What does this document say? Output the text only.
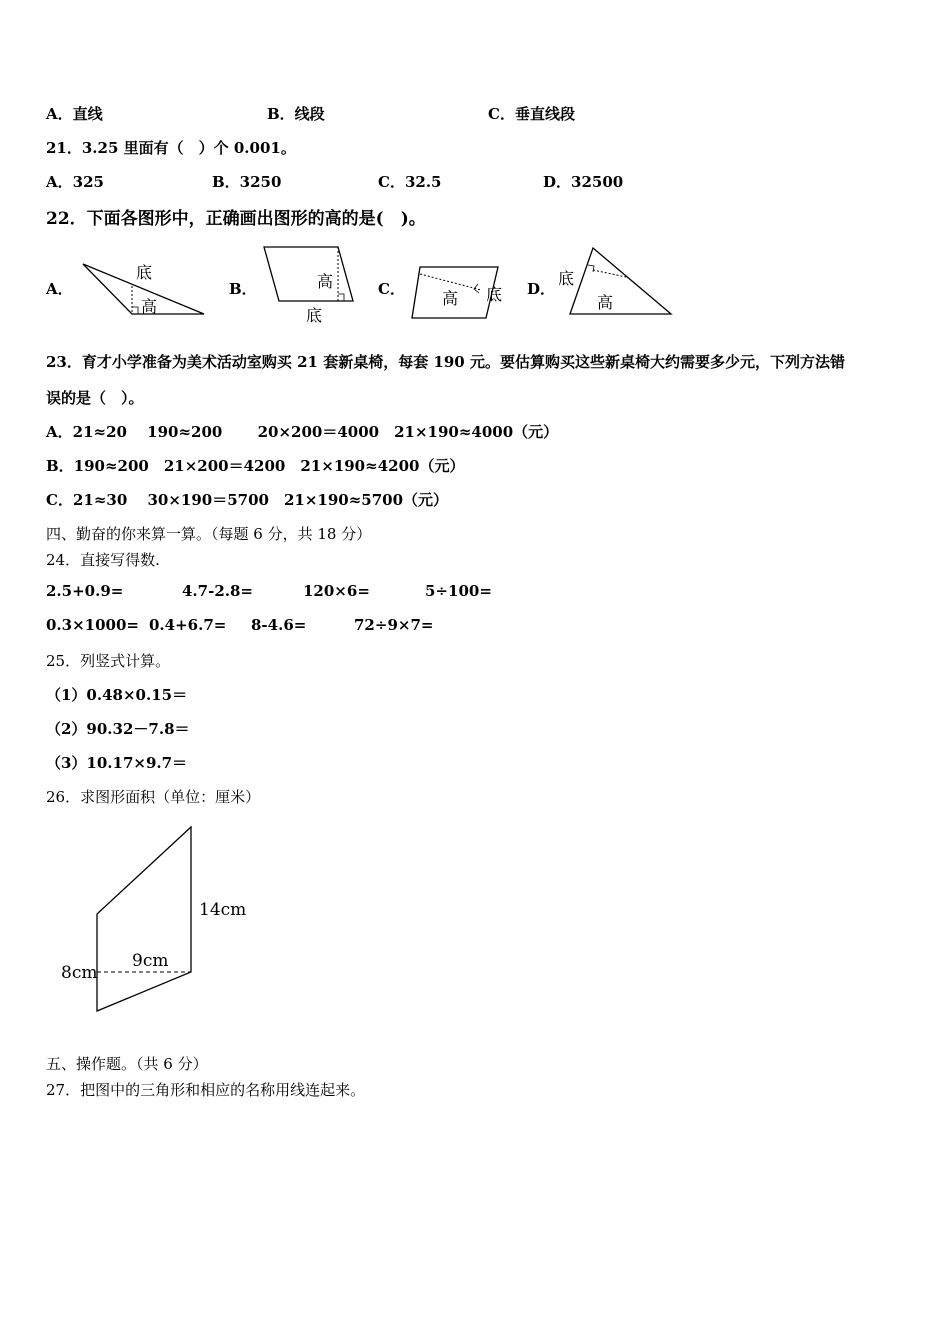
A．直线	B．线段	C．垂直线段
21．3.25 里面有（　）个 0.001。
A．325	B．3250	C．32.5	D．32500
22．下面各图形中，正确画出图形的高的是(　)。
A．
底
高
B．	高
底
C． 高 底 D．
底
高
23．育才小学准备为美术活动室购买 21 套新桌椅，每套 190 元。要估算购买这些新桌椅大约需要多少元，下列方法错
误的是（　）。
A．21≈20　 190≈200　　 20×200＝4000　21×190≈4000（元）
B．190≈200　21×200＝4200　21×190≈4200（元）
C．21≈30　 30×190＝5700　21×190≈5700（元）
四、勤奋的你来算一算。（每题 6 分，共 18 分）
24．直接写得数.
2.5+0.9=	4.7-2.8=	120×6=	5÷100=
0.3×1000= 0.4+6.7= 8-4.6=	72÷9×7=
25．列竖式计算。
（1）0.48×0.15＝
（2）90.32－7.8＝
（3）10.17×9.7＝
26．求图形面积（单位：厘米）
14cm
9cm
8cm
五、操作题。（共 6 分）
27．把图中的三角形和相应的名称用线连起来。
